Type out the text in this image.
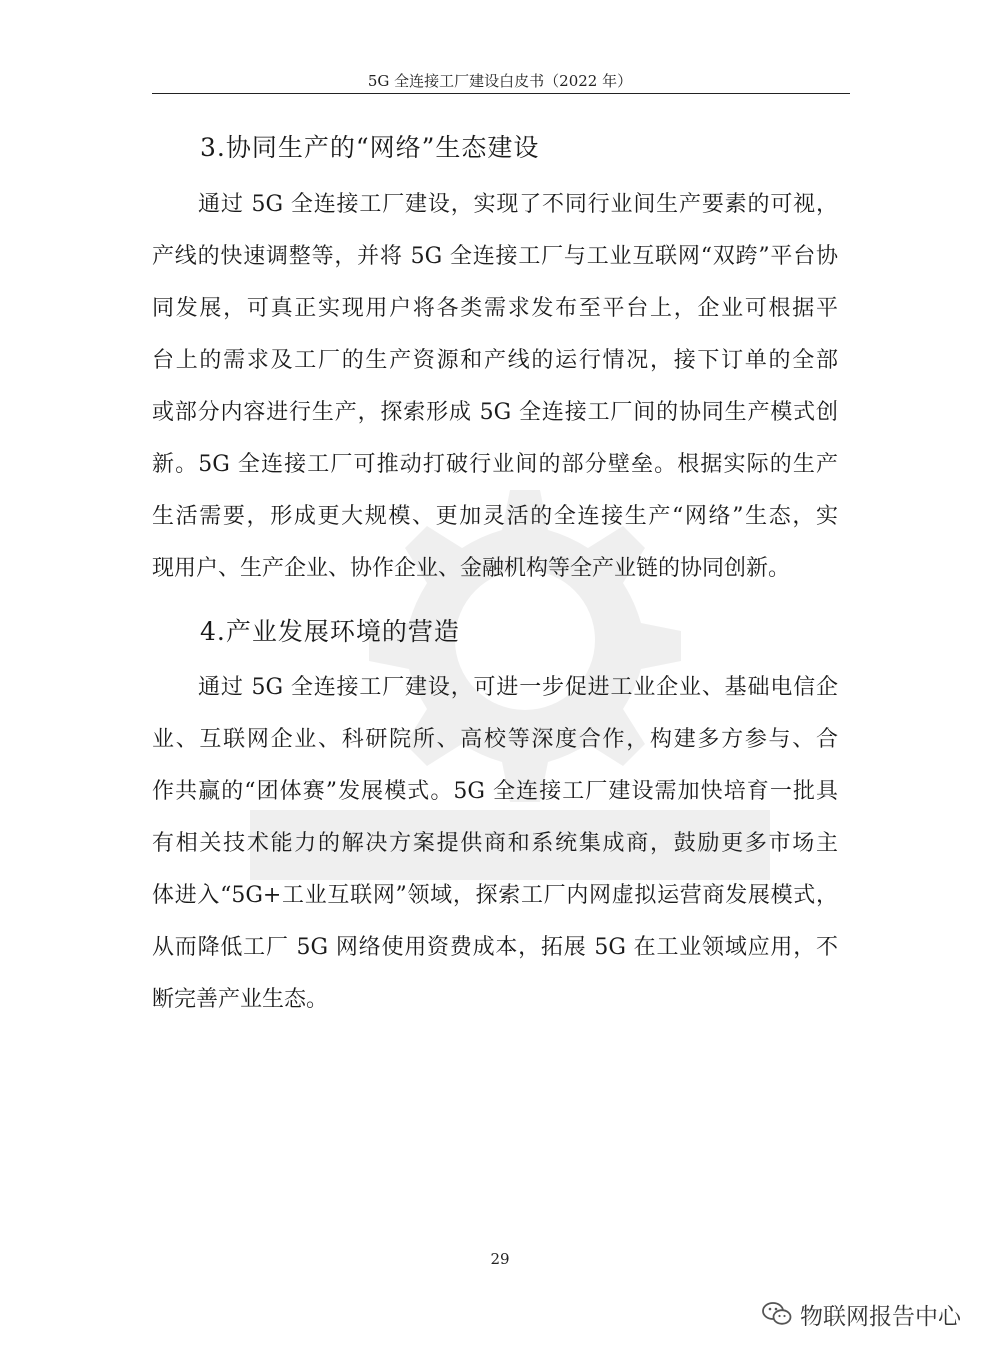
5G 全连接工厂建设白皮书（2022 年）
3.协同生产的“网络”生态建设
通过 5G 全连接工厂建设，实现了不同行业间生产要素的可视，
产线的快速调整等，并将 5G 全连接工厂与工业互联网“双跨”平台协
同发展，可真正实现用户将各类需求发布至平台上，企业可根据平
台上的需求及工厂的生产资源和产线的运行情况，接下订单的全部
或部分内容进行生产，探索形成 5G 全连接工厂间的协同生产模式创
新。5G 全连接工厂可推动打破行业间的部分壁垒。根据实际的生产
生活需要，形成更大规模、更加灵活的全连接生产“网络”生态，实
现用户、生产企业、协作企业、金融机构等全产业链的协同创新。
4.产业发展环境的营造
通过 5G 全连接工厂建设，可进一步促进工业企业、基础电信企
业、互联网企业、科研院所、高校等深度合作，构建多方参与、合
作共赢的“团体赛”发展模式。5G 全连接工厂建设需加快培育一批具
有相关技术能力的解决方案提供商和系统集成商，鼓励更多市场主
体进入“5G+工业互联网”领域，探索工厂内网虚拟运营商发展模式，
从而降低工厂 5G 网络使用资费成本，拓展 5G 在工业领域应用，不
断完善产业生态。
29
物联网报告中心
